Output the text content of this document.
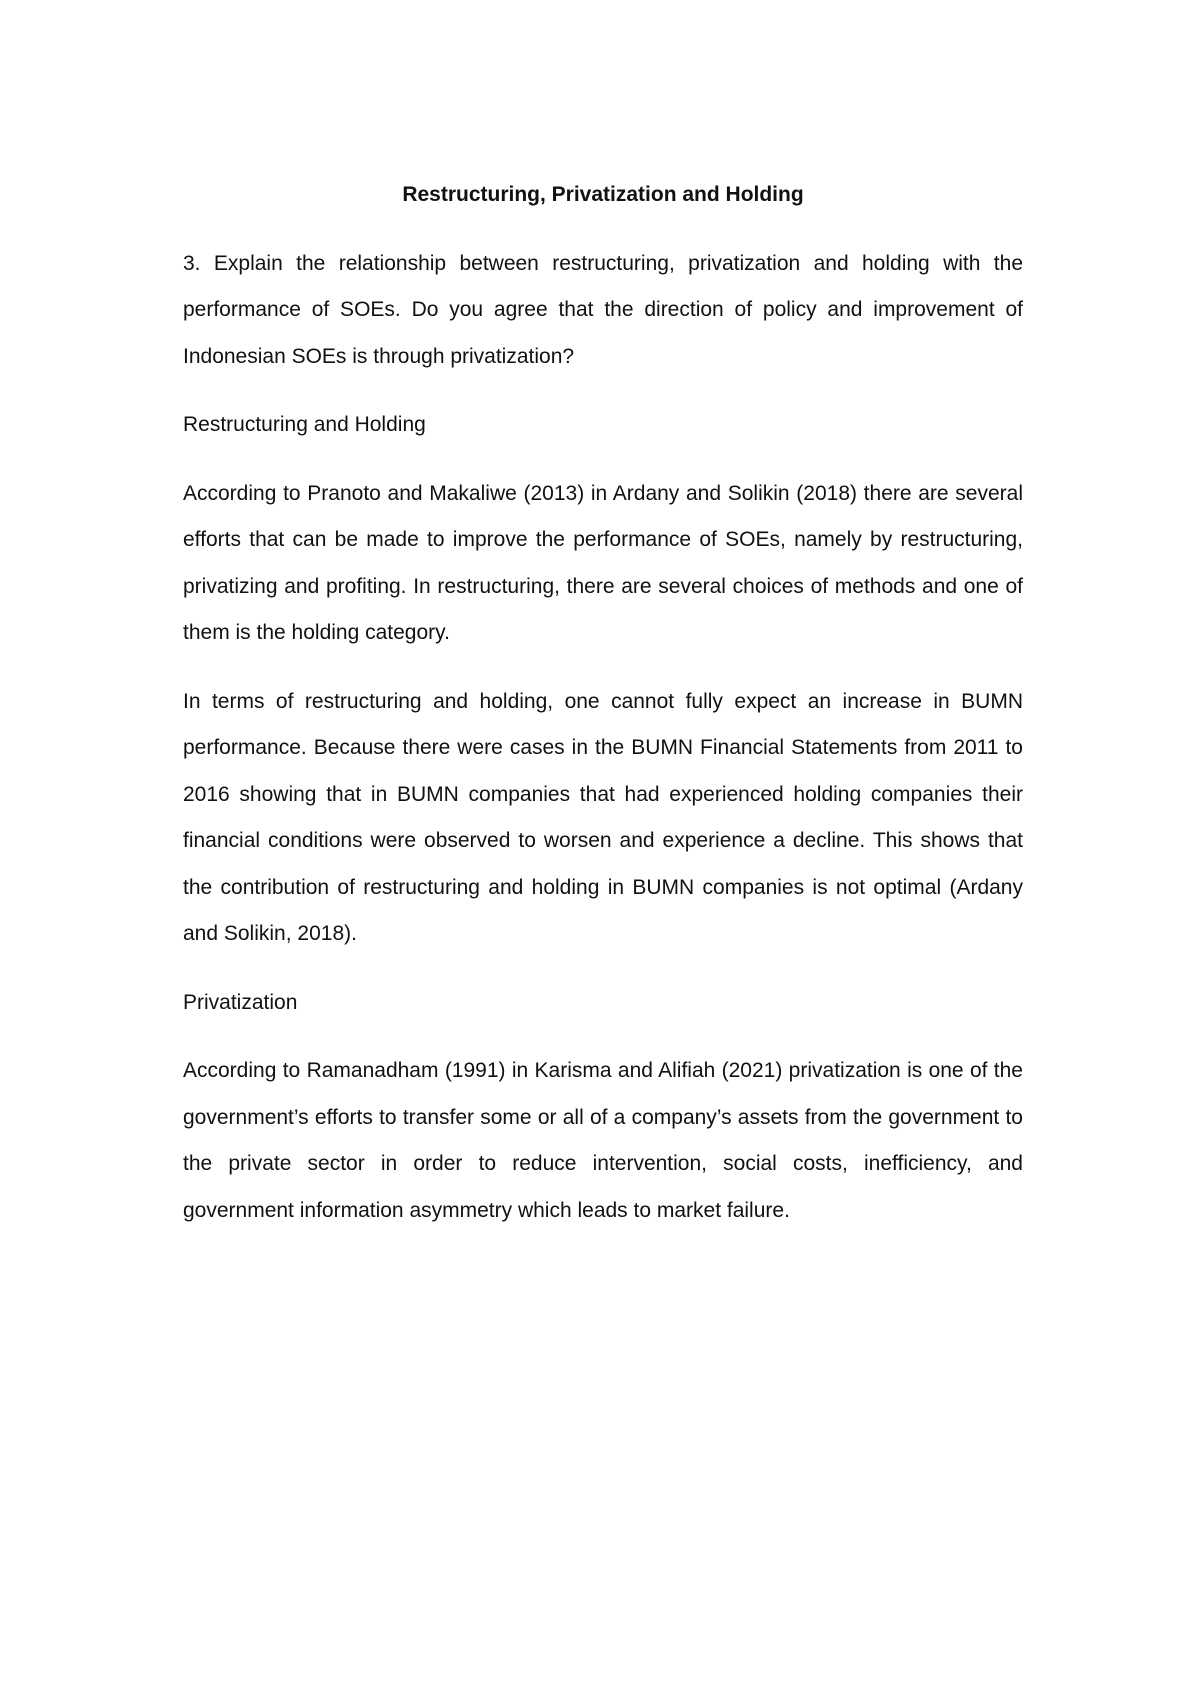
Restructuring, Privatization and Holding

3. Explain the relationship between restructuring, privatization and holding with the performance of SOEs. Do you agree that the direction of policy and improvement of Indonesian SOEs is through privatization?

Restructuring and Holding

According to Pranoto and Makaliwe (2013) in Ardany and Solikin (2018) there are several efforts that can be made to improve the performance of SOEs, namely by restructuring, privatizing and profiting. In restructuring, there are several choices of methods and one of them is the holding category.

In terms of restructuring and holding, one cannot fully expect an increase in BUMN performance. Because there were cases in the BUMN Financial Statements from 2011 to 2016 showing that in BUMN companies that had experienced holding companies their financial conditions were observed to worsen and experience a decline. This shows that the contribution of restructuring and holding in BUMN companies is not optimal (Ardany and Solikin, 2018).

Privatization

According to Ramanadham (1991) in Karisma and Alifiah (2021) privatization is one of the government’s efforts to transfer some or all of a company’s assets from the government to the private sector in order to reduce intervention, social costs, inefficiency, and government information asymmetry which leads to market failure.
